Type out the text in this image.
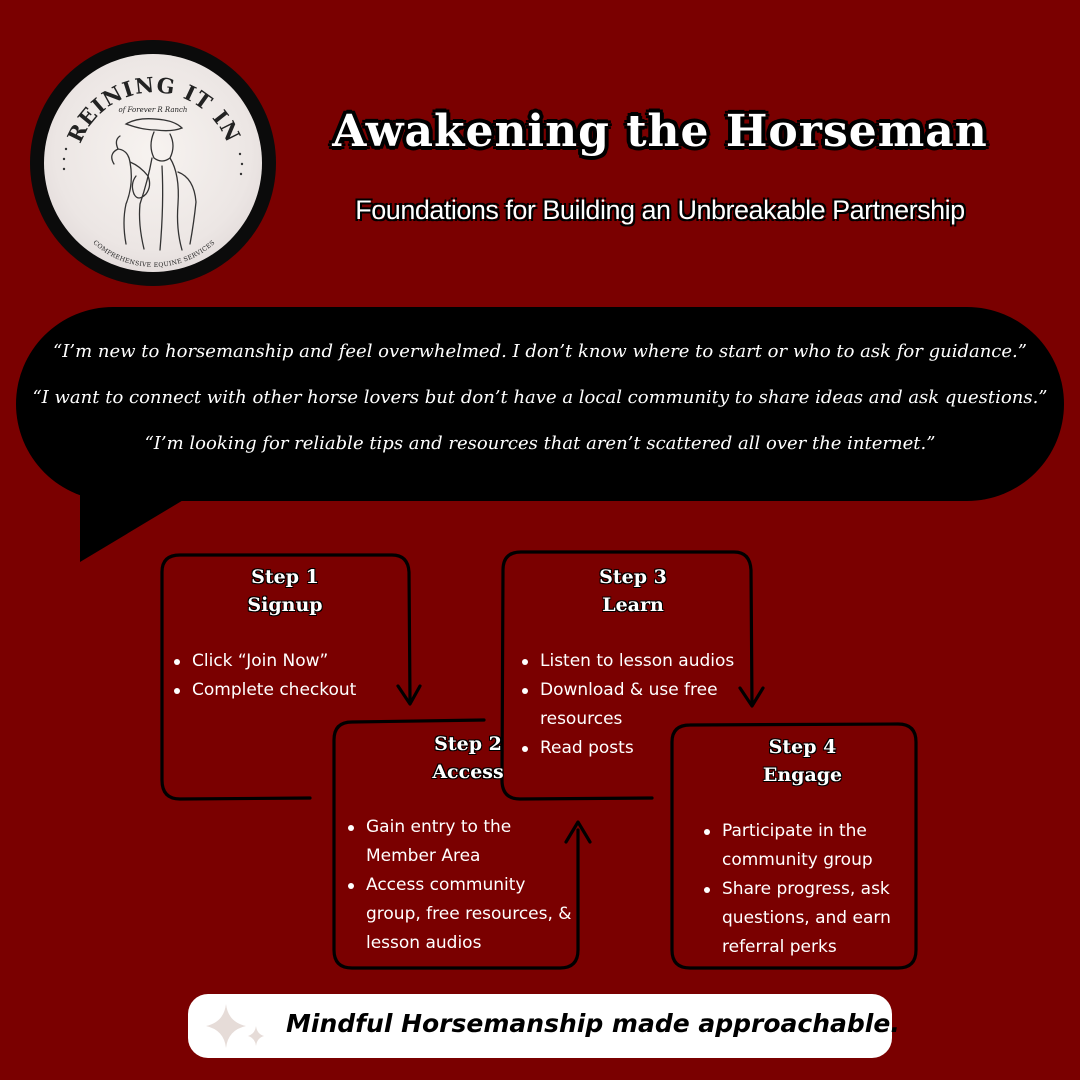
REINING IT IN
of Forever R Ranch
COMPREHENSIVE EQUINE SERVICES
Awakening the Horseman
Foundations for Building an Unbreakable Partnership

“I’m new to horsemanship and feel overwhelmed. I don’t know where to start or who to ask for guidance.”

“I want to connect with other horse lovers but don’t have a local community to share ideas and ask questions.”

“I’m looking for reliable tips and resources that aren’t scattered all over the internet.”

Step 1
Signup
Click “Join Now”
Complete checkout
Step 2
Access
Gain entry to the Member Area
Access community group, free resources, & lesson audios
Step 3
Learn
Listen to lesson audios
Download & use free resources
Read posts	Step 4
Engage
Participate in the community group
Share progress, ask questions, and earn referral perks
Mindful Horsemanship made approachable.
